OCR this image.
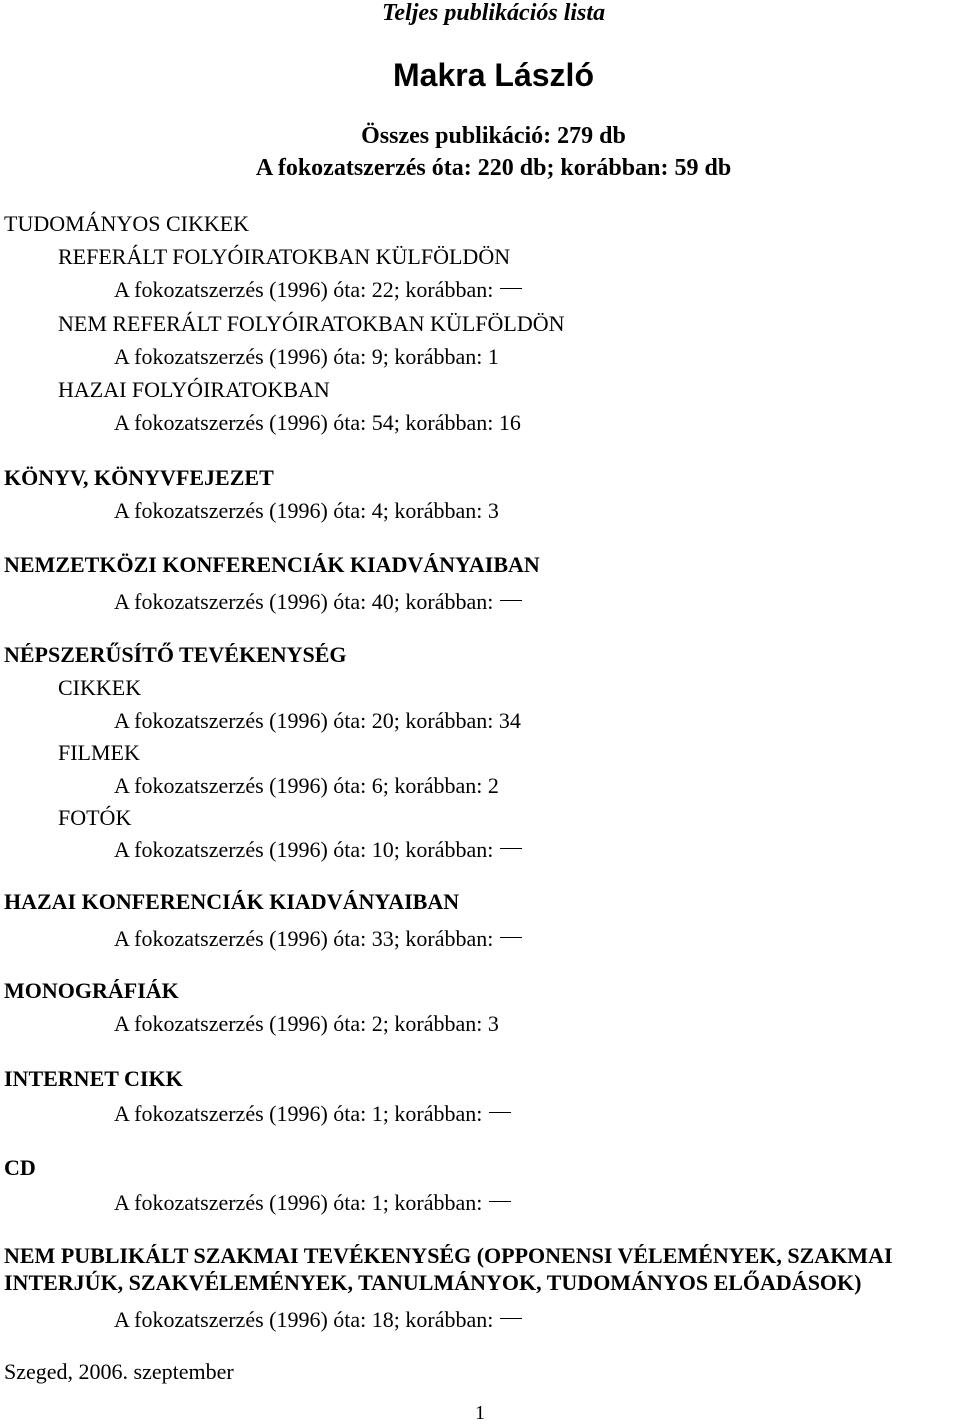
Teljes publikációs lista
Makra László
Összes publikáció: 279 db
A fokozatszerzés óta: 220 db; korábban: 59 db
TUDOMÁNYOS CIKKEK
REFERÁLT FOLYÓIRATOKBAN KÜLFÖLDÖN
A fokozatszerzés (1996) óta: 22; korábban:
NEM REFERÁLT FOLYÓIRATOKBAN KÜLFÖLDÖN
A fokozatszerzés (1996) óta: 9; korábban: 1
HAZAI FOLYÓIRATOKBAN
A fokozatszerzés (1996) óta: 54; korábban: 16
KÖNYV, KÖNYVFEJEZET
A fokozatszerzés (1996) óta: 4; korábban: 3
NEMZETKÖZI KONFERENCIÁK KIADVÁNYAIBAN
A fokozatszerzés (1996) óta: 40; korábban:
NÉPSZERŰSÍTŐ TEVÉKENYSÉG
CIKKEK
A fokozatszerzés (1996) óta: 20; korábban: 34
FILMEK
A fokozatszerzés (1996) óta: 6; korábban: 2
FOTÓK
A fokozatszerzés (1996) óta: 10; korábban:
HAZAI KONFERENCIÁK KIADVÁNYAIBAN
A fokozatszerzés (1996) óta: 33; korábban:
MONOGRÁFIÁK
A fokozatszerzés (1996) óta: 2; korábban: 3
INTERNET CIKK
A fokozatszerzés (1996) óta: 1; korábban:
CD
A fokozatszerzés (1996) óta: 1; korábban:
NEM PUBLIKÁLT SZAKMAI TEVÉKENYSÉG (OPPONENSI VÉLEMÉNYEK, SZAKMAI
INTERJÚK, SZAKVÉLEMÉNYEK, TANULMÁNYOK, TUDOMÁNYOS ELŐADÁSOK)
A fokozatszerzés (1996) óta: 18; korábban:
Szeged, 2006. szeptember
1
